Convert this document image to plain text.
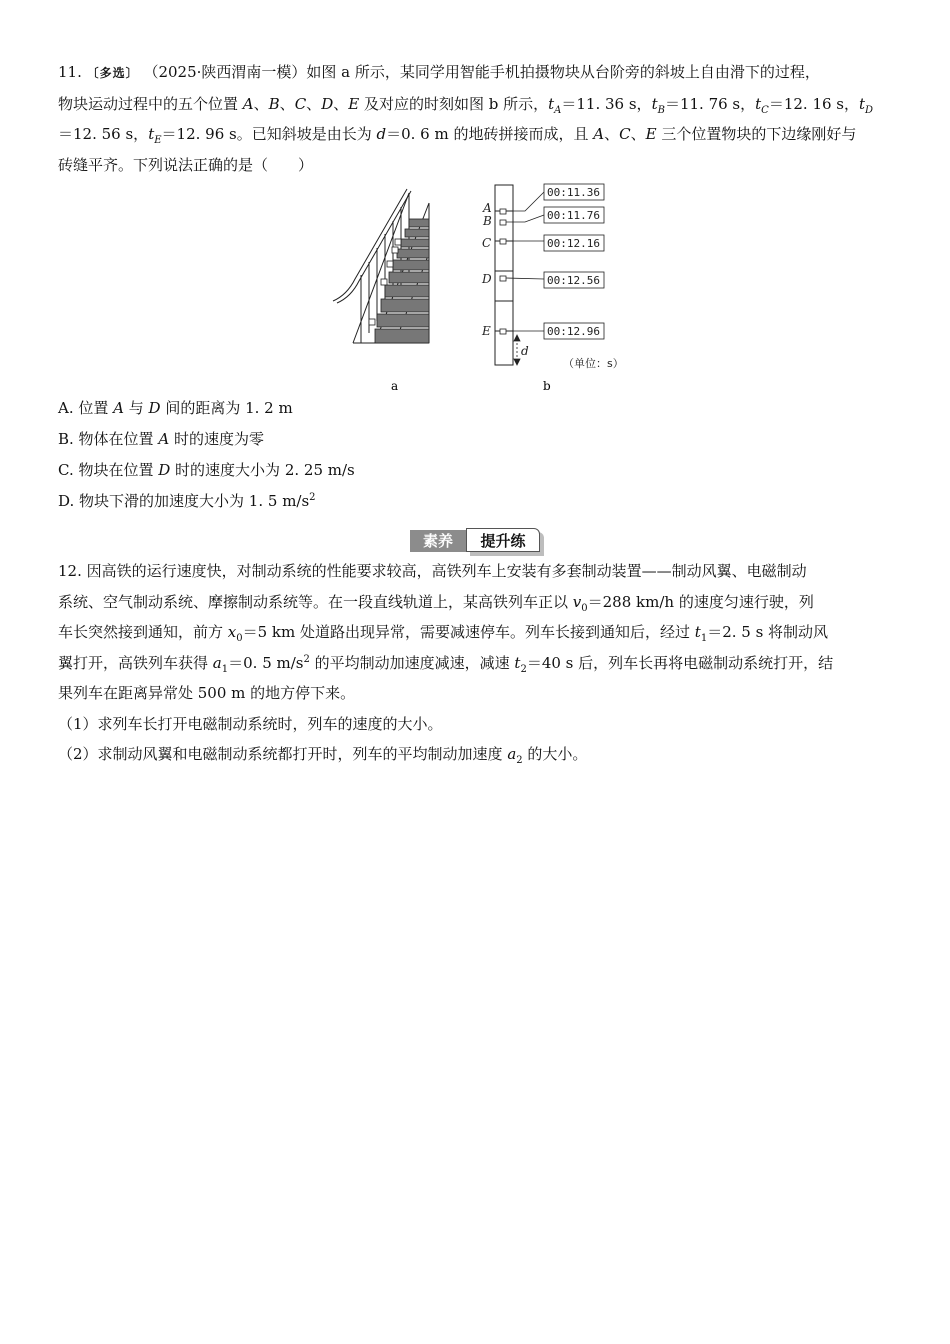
11. 〔多选〕 （2025·陕西渭南一模）如图 a 所示，某同学用智能手机拍摄物块从台阶旁的斜坡上自由滑下的过程，
物块运动过程中的五个位置 A、B、C、D、E 及对应的时刻如图 b 所示，$t_A=11$. 36 s，$t_B=11$. 76 s，$t_C=12$. 16 s，$t_D$
＝12. 56 s，$t_E=12$. 96 s。已知斜坡是由长为 d＝0. 6 m 的地砖拼接而成，且 A、C、E 三个位置物块的下边缘刚好与
砖缝平齐。下列说法正确的是（　　）
a
A
B
C
D
E
00:11.36
00:11.76
00:12.16
00:12.56
00:12.96
d
（单位：s）
b
A. 位置 A 与 D 间的距离为 1. 2 m
B. 物体在位置 A 时的速度为零
C. 物块在位置 D 时的速度大小为 2. 25 m/s
D. 物块下滑的加速度大小为 1. 5 $m/s^2$
素养	提升练
12. 因高铁的运行速度快，对制动系统的性能要求较高，高铁列车上安装有多套制动装置——制动风翼、电磁制动
系统、空气制动系统、摩擦制动系统等。在一段直线轨道上，某高铁列车正以 $v_0=288$ km/h 的速度匀速行驶，列
车长突然接到通知，前方 $x_0=5$ km 处道路出现异常，需要减速停车。列车长接到通知后，经过 $t_1=2$. 5 s 将制动风
翼打开，高铁列车获得 $a_1=0$. 5 $m/s^2$ 的平均制动加速度减速，减速 $t_2=40$ s 后，列车长再将电磁制动系统打开，结
果列车在距离异常处 500 m 的地方停下来。
（1）求列车长打开电磁制动系统时，列车的速度的大小。
（2）求制动风翼和电磁制动系统都打开时，列车的平均制动加速度 $a_2$ 的大小。
